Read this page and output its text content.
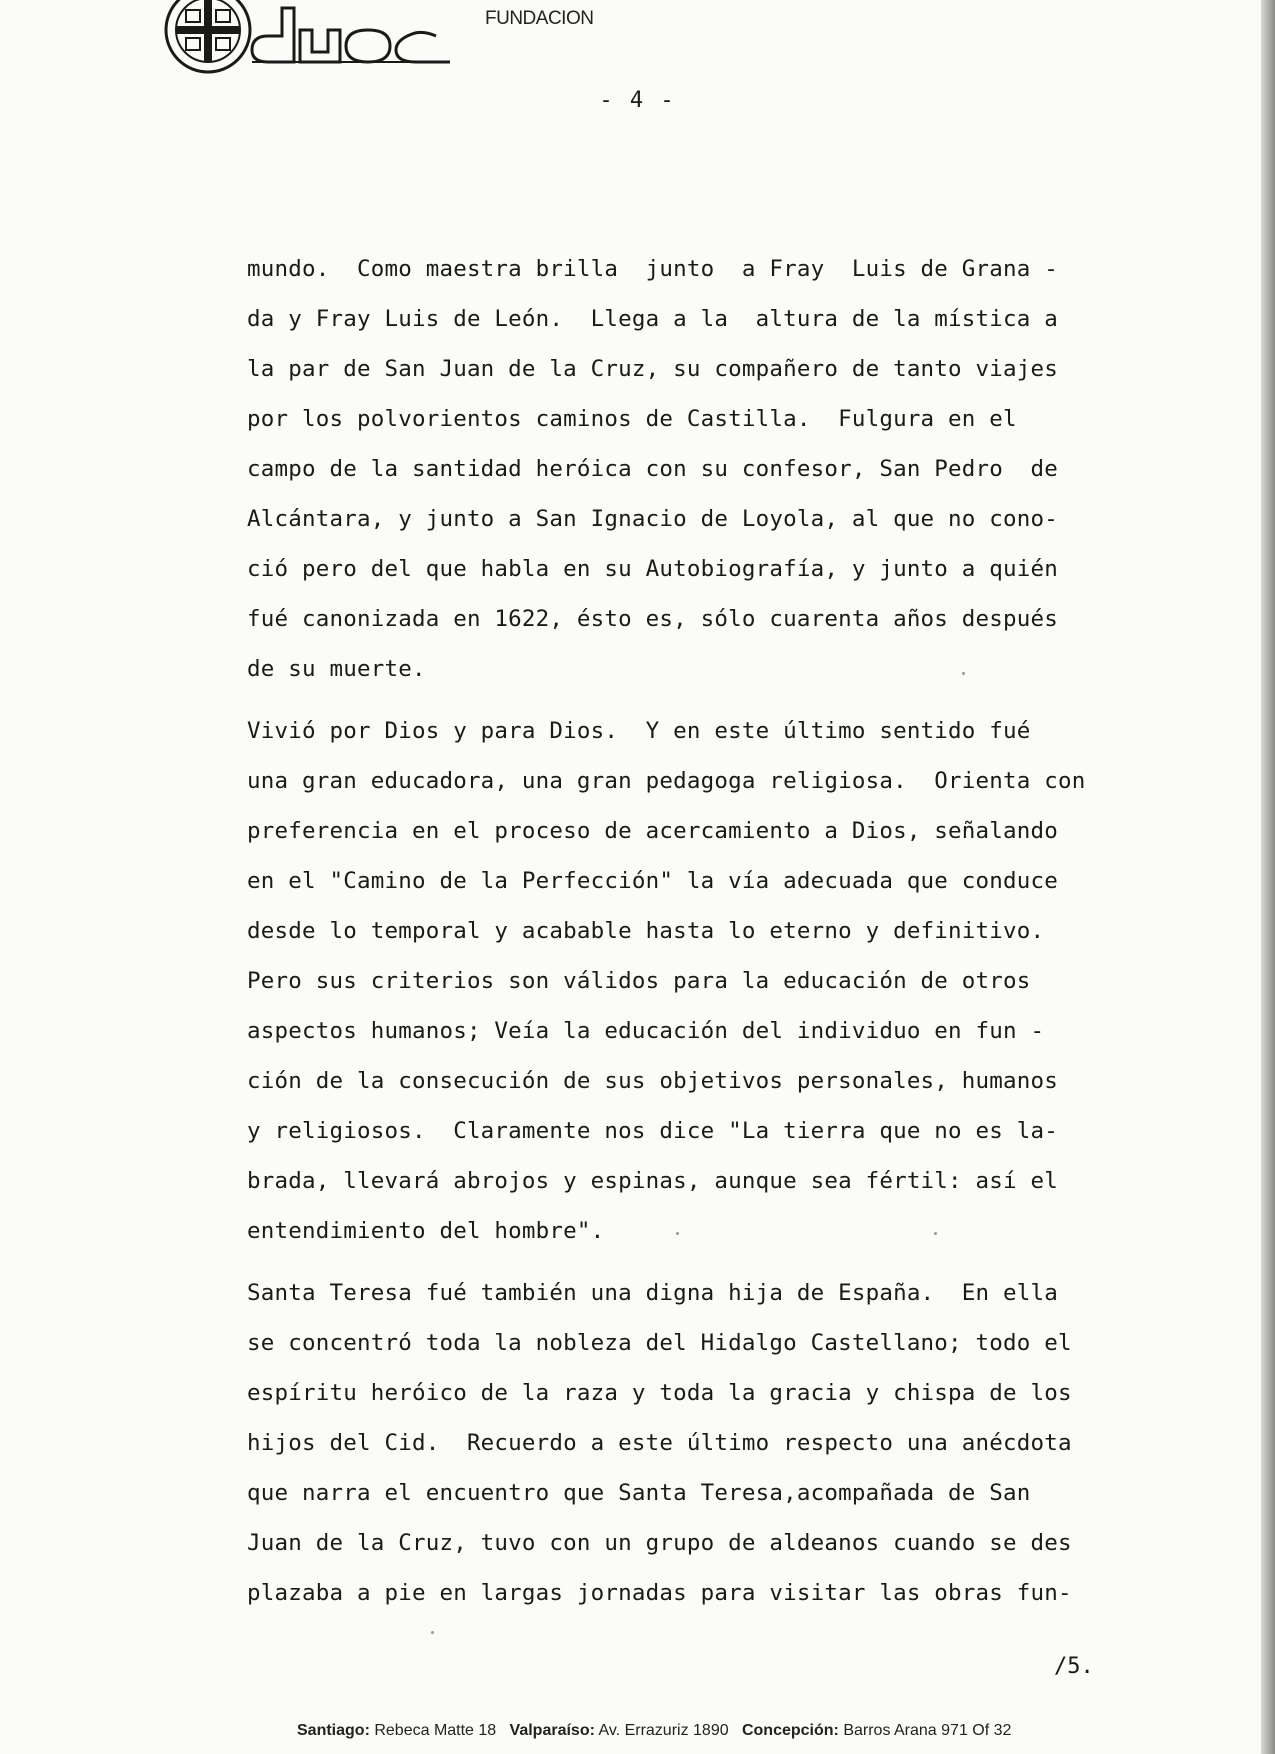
FUNDACION
- 4 -
mundo.  Como maestra brilla  junto  a Fray  Luis de Grana -
da y Fray Luis de León.  Llega a la  altura de la mística a
la par de San Juan de la Cruz, su compañero de tanto viajes
por los polvorientos caminos de Castilla.  Fulgura en el
campo de la santidad heróica con su confesor, San Pedro  de
Alcántara, y junto a San Ignacio de Loyola, al que no cono-
ció pero del que habla en su Autobiografía, y junto a quién
fué canonizada en 1622, ésto es, sólo cuarenta años después
de su muerte.
Vivió por Dios y para Dios.  Y en este último sentido fué
una gran educadora, una gran pedagoga religiosa.  Orienta con
preferencia en el proceso de acercamiento a Dios, señalando
en el "Camino de la Perfección" la vía adecuada que conduce
desde lo temporal y acabable hasta lo eterno y definitivo.
Pero sus criterios son válidos para la educación de otros
aspectos humanos; Veía la educación del individuo en fun -
ción de la consecución de sus objetivos personales, humanos
y religiosos.  Claramente nos dice "La tierra que no es la-
brada, llevará abrojos y espinas, aunque sea fértil: así el
entendimiento del hombre".
Santa Teresa fué también una digna hija de España.  En ella
se concentró toda la nobleza del Hidalgo Castellano; todo el
espíritu heróico de la raza y toda la gracia y chispa de los
hijos del Cid.  Recuerdo a este último respecto una anécdota
que narra el encuentro que Santa Teresa,acompañada de San
Juan de la Cruz, tuvo con un grupo de aldeanos cuando se des
plazaba a pie en largas jornadas para visitar las obras fun-
/5.
Santiago: Rebeca Matte 18 Valparaíso: Av. Errazuriz 1890 Concepción: Barros Arana 971 Of 32
